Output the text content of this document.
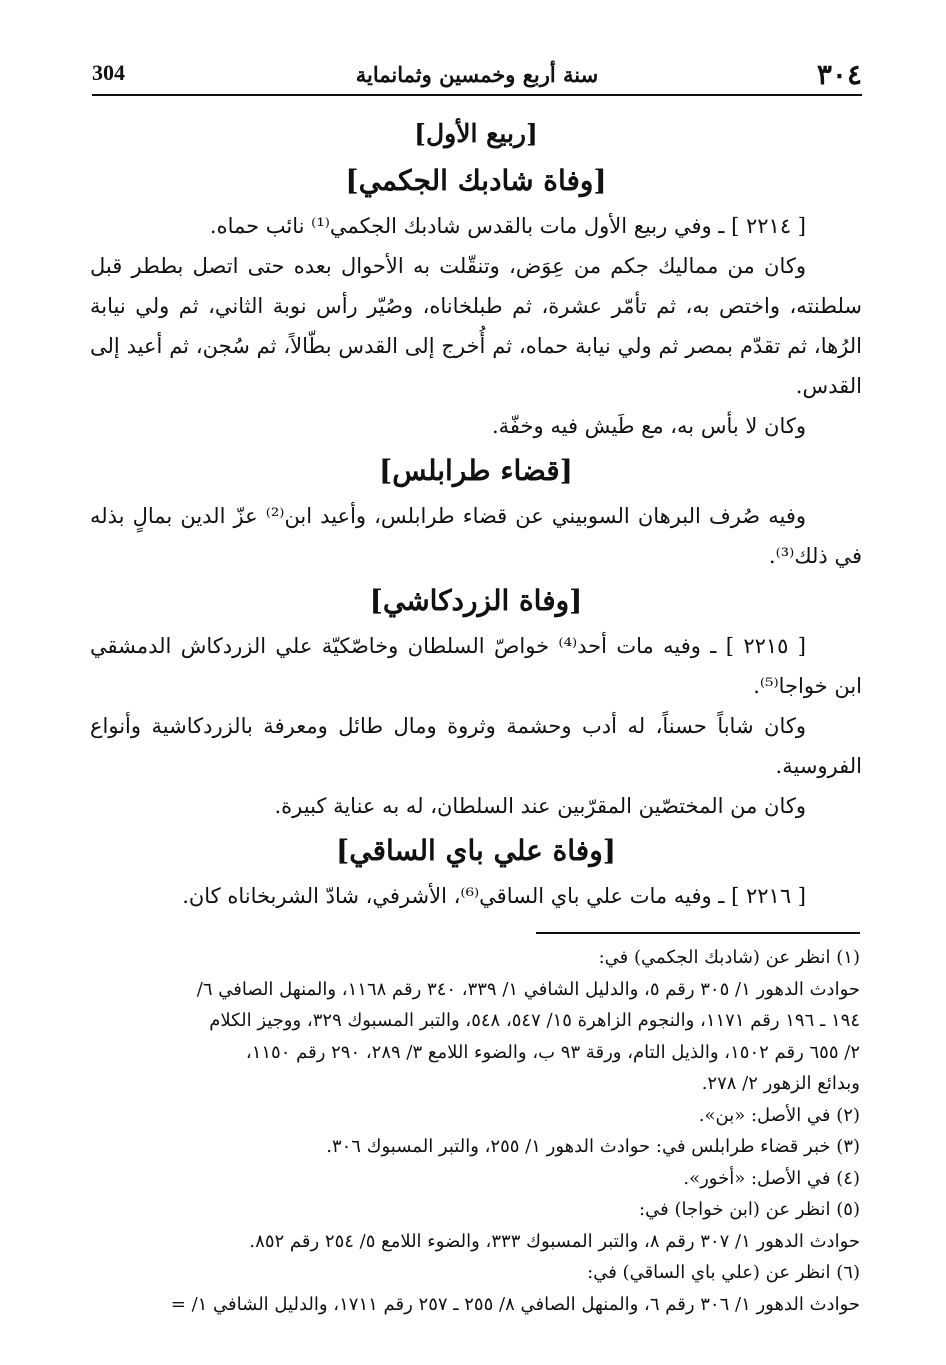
٣٠٤
سنة أربع وخمسين وثمانماية
304

[ربيع الأول]

[وفاة شادبك الجكمي]

[ ٢٢١٤ ] ـ وفي ربيع الأول مات بالقدس شادبك الجكمي⁽¹⁾ نائب حماه.

وكان من مماليك جكم من عِوَض، وتنقّلت به الأحوال بعده حتى اتصل بططر قبل سلطنته، واختص به، ثم تأمّر عشرة، ثم طبلخاناه، وصُيّر رأس نوبة الثاني، ثم ولي نيابة الرُها، ثم تقدّم بمصر ثم ولي نيابة حماه، ثم أُخرج إلى القدس بطّالاً، ثم سُجن، ثم أعيد إلى القدس.

وكان لا بأس به، مع طَيش فيه وخفّة.

[قضاء طرابلس]

وفيه صُرف البرهان السوبيني عن قضاء طرابلس، وأعيد ابن⁽²⁾ عزّ الدين بمالٍ بذله في ذلك⁽³⁾.

[وفاة الزردكاشي]

[ ٢٢١٥ ] ـ وفيه مات أحد⁽⁴⁾ خواصّ السلطان وخاصّكيّة علي الزردكاش الدمشقي ابن خواجا⁽⁵⁾.

وكان شاباً حسناً، له أدب وحشمة وثروة ومال طائل ومعرفة بالزردكاشية وأنواع الفروسية.

وكان من المختصّين المقرّبين عند السلطان، له به عناية كبيرة.

[وفاة علي باي الساقي]

[ ٢٢١٦ ] ـ وفيه مات علي باي الساقي⁽⁶⁾، الأشرفي، شادّ الشربخاناه كان.

(١) انظر عن (شادبك الجكمي) في:

حوادث الدهور ١/ ٣٠٥ رقم ٥، والدليل الشافي ١/ ٣٣٩، ٣٤٠ رقم ١١٦٨، والمنهل الصافي ٦/

١٩٤ ـ ١٩٦ رقم ١١٧١، والنجوم الزاهرة ١٥/ ٥٤٧، ٥٤٨، والتبر المسبوك ٣٢٩، ووجيز الكلام

٢/ ٦٥٥ رقم ١٥٠٢، والذيل التام، ورقة ٩٣ ب، والضوء اللامع ٣/ ٢٨٩، ٢٩٠ رقم ١١٥٠،

وبدائع الزهور ٢/ ٢٧٨.

(٢) في الأصل: «بن».

(٣) خبر قضاء طرابلس في: حوادث الدهور ١/ ٢٥٥، والتبر المسبوك ٣٠٦.

(٤) في الأصل: «أخور».

(٥) انظر عن (ابن خواجا) في:

حوادث الدهور ١/ ٣٠٧ رقم ٨، والتبر المسبوك ٣٣٣، والضوء اللامع ٥/ ٢٥٤ رقم ٨٥٢.

(٦) انظر عن (علي باي الساقي) في:

حوادث الدهور ١/ ٣٠٦ رقم ٦، والمنهل الصافي ٨/ ٢٥٥ ـ ٢٥٧ رقم ١٧١١، والدليل الشافي ١/ =
